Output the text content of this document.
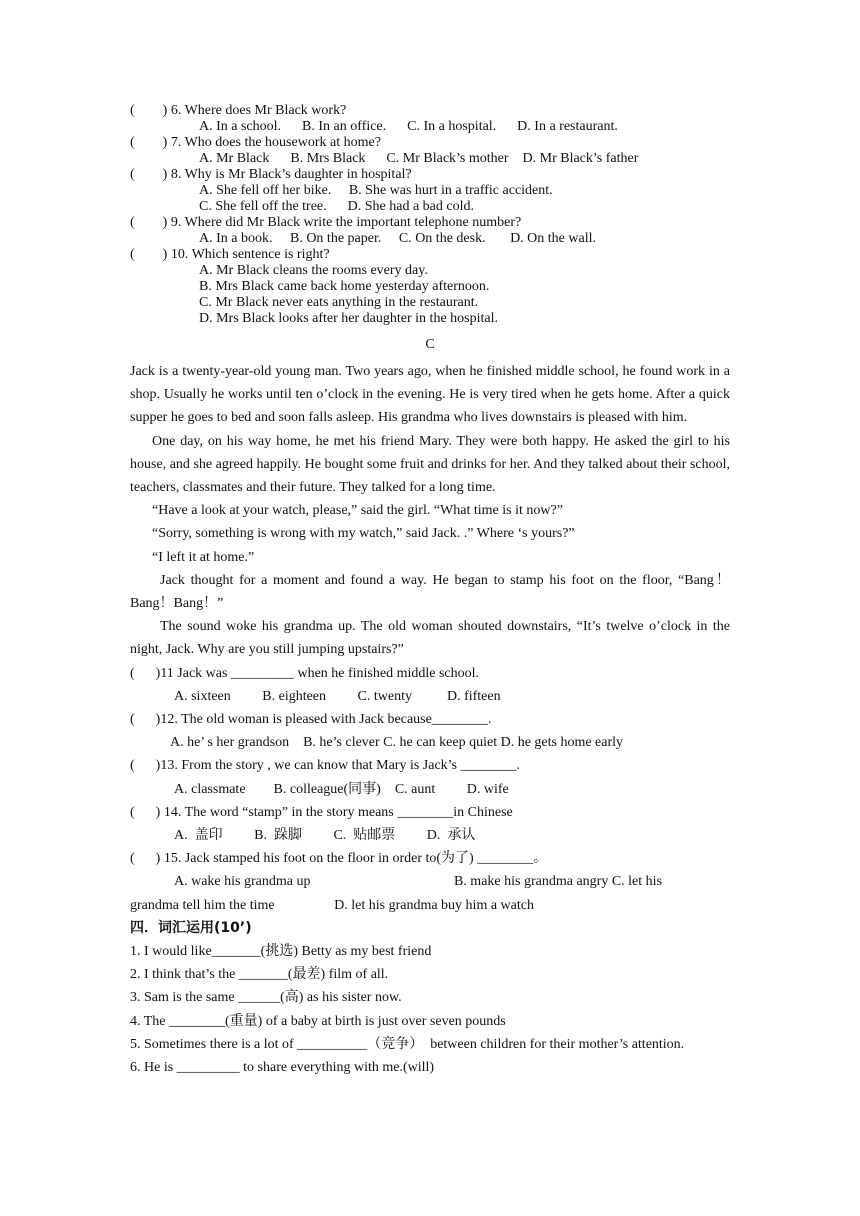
(        ) 6. Where does Mr Black work?
A. In a school.      B. In an office.      C. In a hospital.      D. In a restaurant.
(        ) 7. Who does the housework at home?
A. Mr Black      B. Mrs Black      C. Mr Black’s mother    D. Mr Black’s father
(        ) 8. Why is Mr Black’s daughter in hospital?
A. She fell off her bike.     B. She was hurt in a traffic accident.
C. She fell off the tree.      D. She had a bad cold.
(        ) 9. Where did Mr Black write the important telephone number?
A. In a book.     B. On the paper.     C. On the desk.       D. On the wall.
(        ) 10. Which sentence is right?
A. Mr Black cleans the rooms every day.
B. Mrs Black came back home yesterday afternoon.
C. Mr Black never eats anything in the restaurant.
D. Mrs Black looks after her daughter in the hospital.
C
Jack is a twenty-year-old young man. Two years ago, when he finished middle school, he found work in a shop. Usually he works until ten o’clock in the evening. He is very tired when he gets home. After a quick supper he goes to bed and soon falls asleep. His grandma who lives downstairs is pleased with him.
One day, on his way home, he met his friend Mary. They were both happy. He asked the girl to his house, and she agreed happily. He bought some fruit and drinks for her. And they talked about their school, teachers, classmates and their future. They talked for a long time.
“Have a look at your watch, please,” said the girl. “What time is it now?”
“Sorry, something is wrong with my watch,” said Jack. .” Where ‘s yours?”
“I left it at home.”
Jack thought for a moment and found a way. He began to stamp his foot on the floor, “Bang！Bang！Bang！”
The sound woke his grandma up. The old woman shouted downstairs, “It’s twelve o’clock in the night, Jack. Why are you still jumping upstairs?”
(      )11 Jack was _________ when he finished middle school.
A. sixteen         B. eighteen         C. twenty          D. fifteen
(      )12. The old woman is pleased with Jack because________.
A. he’ s her grandson    B. he’s clever C. he can keep quiet D. he gets home early
(      )13. From the story , we can know that Mary is Jack’s ________.
A. classmate        B. colleague(同事)    C. aunt         D. wife
(      ) 14. The word “stamp” in the story means ________in Chinese
A.  盖印         B.  跺脚         C.  贴邮票         D.  承认
(      ) 15. Jack stamped his foot on the floor in order to(为了) ________。
A. wake his grandma up                                         B. make his grandma angry C. let his
grandma tell him the time                 D. let his grandma buy him a watch
四．词汇运用(10’)
1. I would like_______(挑选) Betty as my best friend
2. I think that’s the _______(最差) film of all.
3. Sam is the same ______(高) as his sister now.
4. The ________(重量) of a baby at birth is just over seven pounds
5. Sometimes there is a lot of __________（竞争）  between children for their mother’s attention.
6. He is _________ to share everything with me.(will)
